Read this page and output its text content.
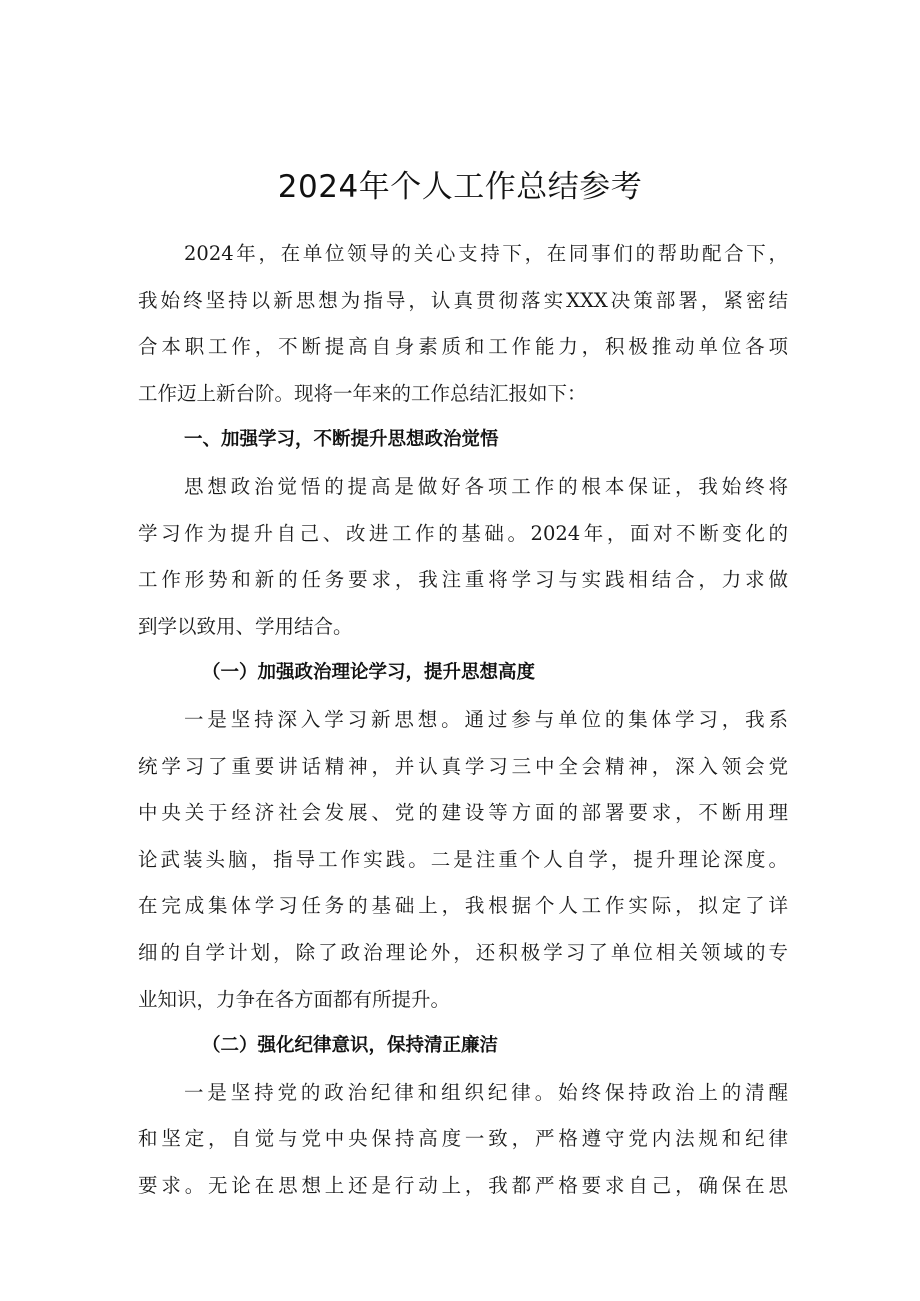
2024年个人工作总结参考
2024年，在单位领导的关心支持下，在同事们的帮助配合下，
我始终坚持以新思想为指导，认真贯彻落实XXX决策部署，紧密结
合本职工作，不断提高自身素质和工作能力，积极推动单位各项
工作迈上新台阶。现将一年来的工作总结汇报如下：
一、加强学习，不断提升思想政治觉悟
思想政治觉悟的提高是做好各项工作的根本保证，我始终将
学习作为提升自己、改进工作的基础。2024年，面对不断变化的
工作形势和新的任务要求，我注重将学习与实践相结合，力求做
到学以致用、学用结合。
（一）加强政治理论学习，提升思想高度
一是坚持深入学习新思想。通过参与单位的集体学习，我系
统学习了重要讲话精神，并认真学习三中全会精神，深入领会党
中央关于经济社会发展、党的建设等方面的部署要求，不断用理
论武装头脑，指导工作实践。二是注重个人自学，提升理论深度。
在完成集体学习任务的基础上，我根据个人工作实际，拟定了详
细的自学计划，除了政治理论外，还积极学习了单位相关领域的专
业知识，力争在各方面都有所提升。
（二）强化纪律意识，保持清正廉洁
一是坚持党的政治纪律和组织纪律。始终保持政治上的清醒
和坚定，自觉与党中央保持高度一致，严格遵守党内法规和纪律
要求。无论在思想上还是行动上，我都严格要求自己，确保在思
